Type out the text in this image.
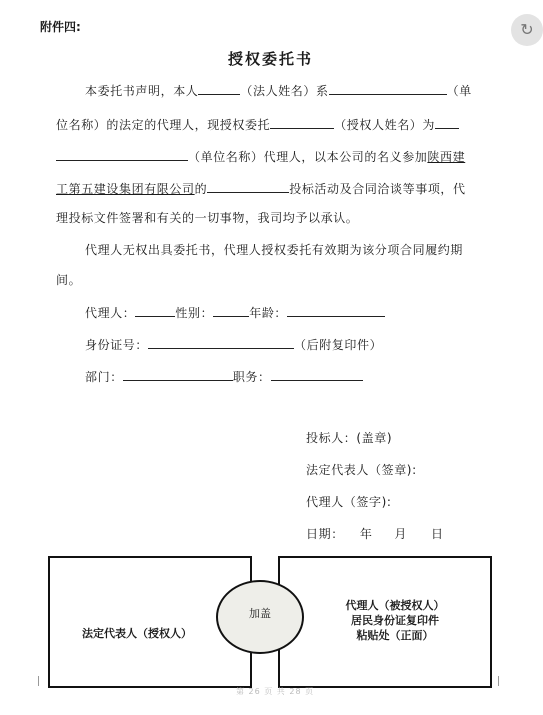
↻
附件四:
授权委托书
本委托书声明，本人	（法人姓名）系	（单
位名称）的法定的代理人，现授权委托	（授权人姓名）为
（单位名称）代理人，以本公司的名义参加陕西建
工第五建设集团有限公司的	投标活动及合同洽谈等事项，代
理投标文件签署和有关的一切事物，我司均予以承认。
代理人无权出具委托书，代理人授权委托有效期为该分项合同履约期
间。
代理人：	性别：	年龄：
身份证号：	（后附复印件）
部门：	职务：
投标人：(盖章)
法定代表人（签章):
代理人（签字):
日期： 年 月 日
法定代表人（授权人）
代理人（被授权人）
居民身份证复印件
粘贴处（正面）
加盖
第 26 页 共 28 页
